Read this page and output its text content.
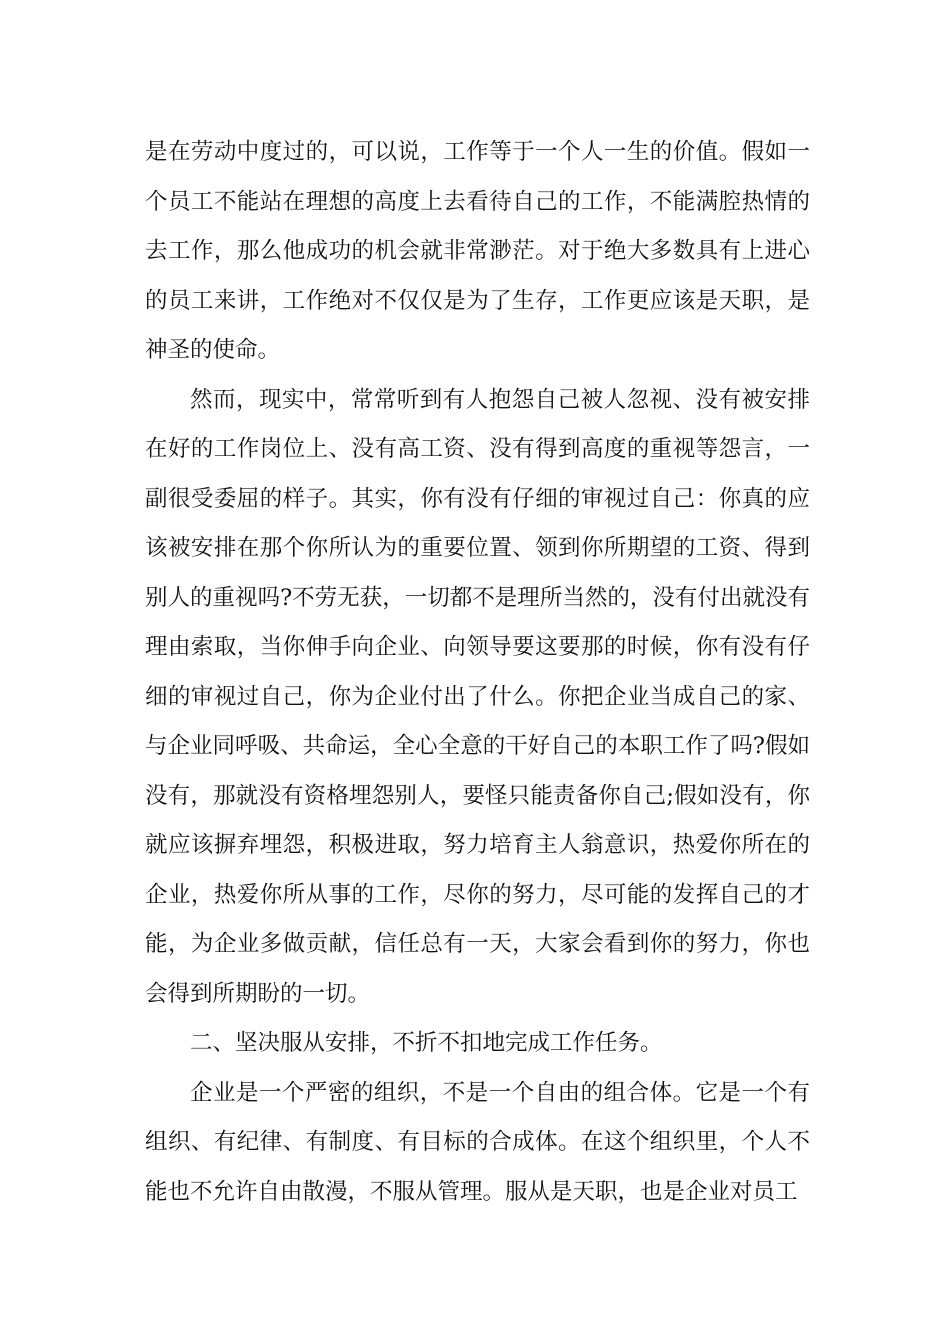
是在劳动中度过的，可以说，工作等于一个人一生的价值。假如一个员工不能站在理想的高度上去看待自己的工作，不能满腔热情的去工作，那么他成功的机会就非常渺茫。对于绝大多数具有上进心的员工来讲，工作绝对不仅仅是为了生存，工作更应该是天职，是神圣的使命。

然而，现实中，常常听到有人抱怨自己被人忽视、没有被安排在好的工作岗位上、没有高工资、没有得到高度的重视等怨言，一副很受委屈的样子。其实，你有没有仔细的审视过自己：你真的应该被安排在那个你所认为的重要位置、领到你所期望的工资、得到别人的重视吗?不劳无获，一切都不是理所当然的，没有付出就没有理由索取，当你伸手向企业、向领导要这要那的时候，你有没有仔细的审视过自己，你为企业付出了什么。你把企业当成自己的家、与企业同呼吸、共命运，全心全意的干好自己的本职工作了吗?假如没有，那就没有资格埋怨别人，要怪只能责备你自己;假如没有，你就应该摒弃埋怨，积极进取，努力培育主人翁意识，热爱你所在的企业，热爱你所从事的工作，尽你的努力，尽可能的发挥自己的才能，为企业多做贡献，信任总有一天，大家会看到你的努力，你也会得到所期盼的一切。

二、坚决服从安排，不折不扣地完成工作任务。

企业是一个严密的组织，不是一个自由的组合体。它是一个有组织、有纪律、有制度、有目标的合成体。在这个组织里，个人不能也不允许自由散漫，不服从管理。服从是天职，也是企业对员工
